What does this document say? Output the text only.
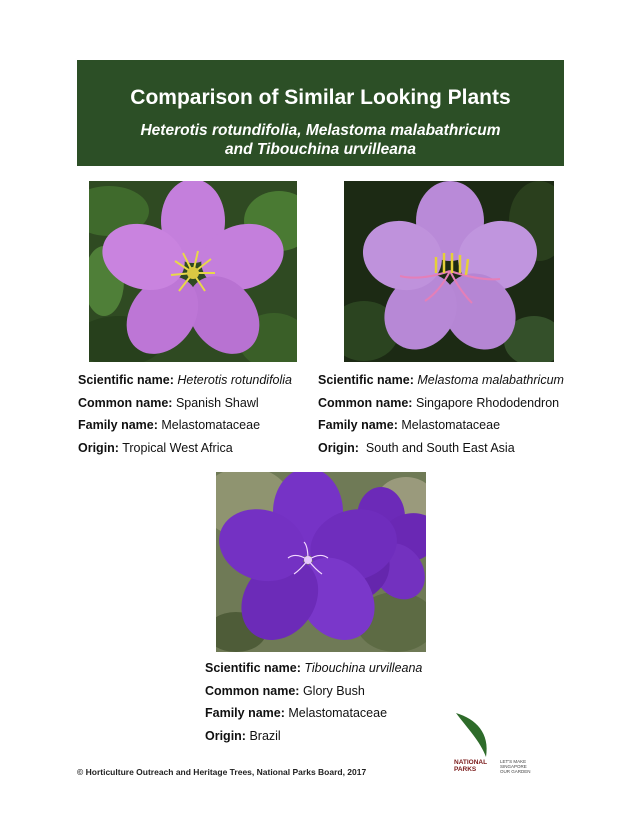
Comparison of Similar Looking Plants
Heterotis rotundifolia, Melastoma malabathricum
and Tibouchina urvilleana
Scientific name: Heterotis rotundifolia
Common name: Spanish Shawl
Family name: Melastomataceae
Origin: Tropical West Africa
Scientific name: Melastoma malabathricum
Common name: Singapore Rhododendron
Family name: Melastomataceae
Origin: South and South East Asia
Scientific name: Tibouchina urvilleana
Common name: Glory Bush
Family name: Melastomataceae
Origin: Brazil
© Horticulture Outreach and Heritage Trees, National Parks Board, 2017
NATIONAL
PARKS
LET'S MAKE
SINGAPORE
OUR GARDEN
